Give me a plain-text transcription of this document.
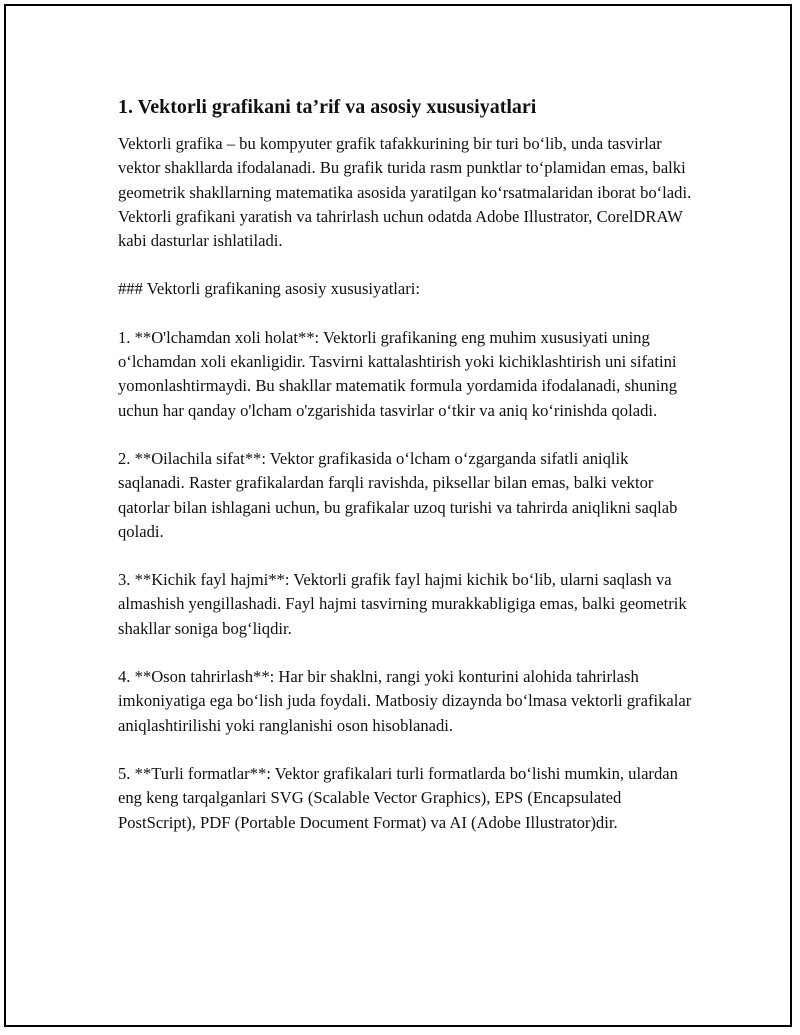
1. Vektorli grafikani ta’rif va asosiy xususiyatlari

Vektorli grafika – bu kompyuter grafik tafakkurining bir turi bo‘lib, unda tasvirlar vektor shakllarda ifodalanadi. Bu grafik turida rasm punktlar to‘plamidan emas, balki geometrik shakllarning matematika asosida yaratilgan ko‘rsatmalaridan iborat bo‘ladi. Vektorli grafikani yaratish va tahrirlash uchun odatda Adobe Illustrator, CorelDRAW kabi dasturlar ishlatiladi.

### Vektorli grafikaning asosiy xususiyatlari:

1. **O'lchamdan xoli holat**: Vektorli grafikaning eng muhim xususiyati uning o‘lchamdan xoli ekanligidir. Tasvirni kattalashtirish yoki kichiklashtirish uni sifatini yomonlashtirmaydi. Bu shakllar matematik formula yordamida ifodalanadi, shuning uchun har qanday o'lcham o'zgarishida tasvirlar o‘tkir va aniq ko‘rinishda qoladi.

2. **Oilachila sifat**: Vektor grafikasida o‘lcham o‘zgarganda sifatli aniqlik saqlanadi. Raster grafikalardan farqli ravishda, piksellar bilan emas, balki vektor qatorlar bilan ishlagani uchun, bu grafikalar uzoq turishi va tahrirda aniqlikni saqlab qoladi.

3. **Kichik fayl hajmi**: Vektorli grafik fayl hajmi kichik bo‘lib, ularni saqlash va almashish yengillashadi. Fayl hajmi tasvirning murakkabligiga emas, balki geometrik shakllar soniga bog‘liqdir.

4. **Oson tahrirlash**: Har bir shaklni, rangi yoki konturini alohida tahrirlash imkoniyatiga ega bo‘lish juda foydali. Matbosiy dizaynda bo‘lmasa vektorli grafikalar aniqlashtirilishi yoki ranglanishi oson hisoblanadi.

5. **Turli formatlar**: Vektor grafikalari turli formatlarda bo‘lishi mumkin, ulardan eng keng tarqalganlari SVG (Scalable Vector Graphics), EPS (Encapsulated PostScript), PDF (Portable Document Format) va AI (Adobe Illustrator)dir.
